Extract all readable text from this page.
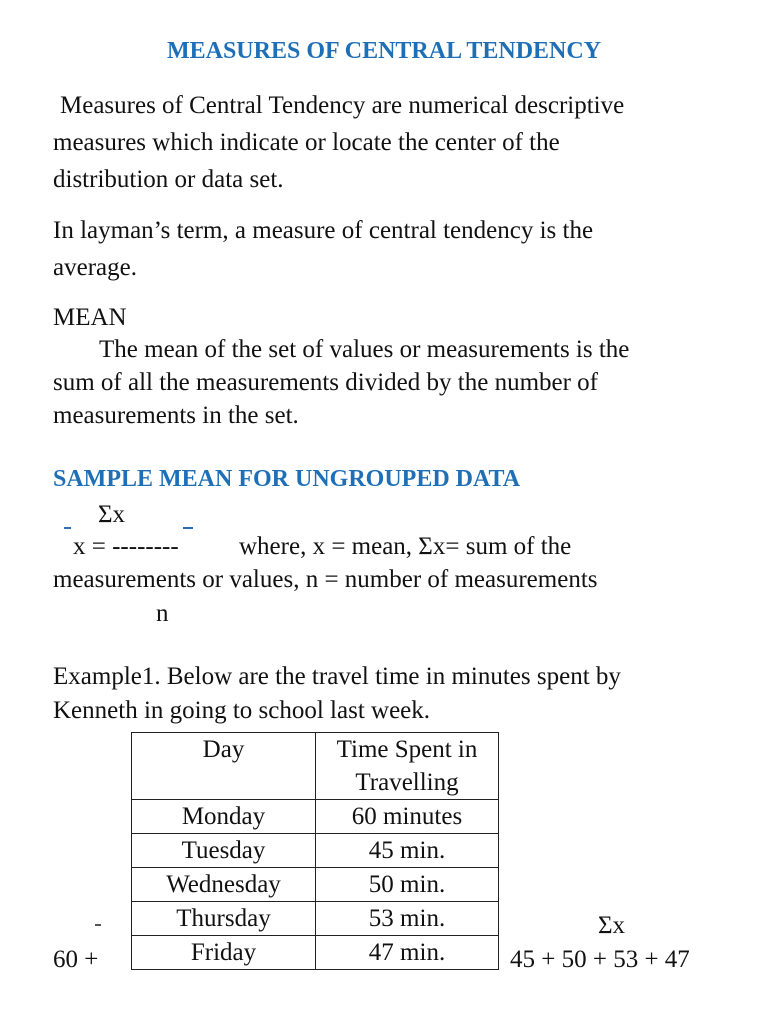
MEASURES OF CENTRAL TENDENCY
Measures of Central Tendency are numerical descriptive
measures which indicate or locate the center of the
distribution or data set.
In layman’s term, a measure of central tendency is the
average.
MEAN
The mean of the set of values or measurements is the
sum of all the measurements divided by the number of
measurements in the set.
SAMPLE MEAN FOR UNGROUPED DATA
Σx
x = -------- where, x = mean, Σx= sum of the
measurements or values, n = number of measurements
n
Example1. Below are the travel time in minutes spent by
Kenneth in going to school last week.
Day	Time Spent in Travelling
Monday	60 minutes
Tuesday	45 min.
Wednesday	50 min.
Thursday	53 min.
Friday	47 min.
60 +
Σx
45 + 50 + 53 + 47
